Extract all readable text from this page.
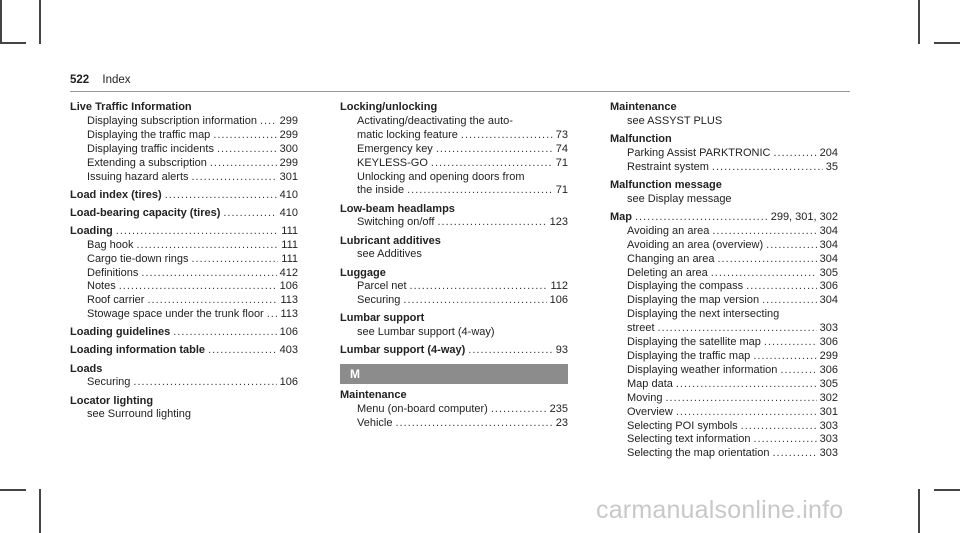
522 Index
Live Traffic Information
Displaying subscription information ..... 299
Displaying the traffic map .....	299
Displaying traffic incidents .....	300
Extending a subscription .....	299
Issuing hazard alerts .....	301
Load index (tires) .....	410
Load-bearing capacity (tires) .....	410
Loading .....	111
Bag hook .....	111
Cargo tie-down rings .....	111
Definitions .....	412
Notes .....	106
Roof carrier .....	113
Stowage space under the trunk floor ..... 113
Loading guidelines .....	106
Loading information table .....	403
Loads
Securing .....	106
Locator lighting
see Surround lighting
Locking/unlocking
Activating/deactivating the auto-
matic locking feature .....	73
Emergency key .....	74
KEYLESS-GO .....	71
Unlocking and opening doors from
the inside .....	71
Low-beam headlamps
Switching on/off .....	123
Lubricant additives
see Additives
Luggage
Parcel net .....	112
Securing .....	106
Lumbar support
see Lumbar support (4-way)
Lumbar support (4-way) .....	93
M
Maintenance
Menu (on-board computer) .....	235
Vehicle .....	23
Maintenance
see ASSYST PLUS
Malfunction
Parking Assist PARKTRONIC .....	204
Restraint system .....	35
Malfunction message
see Display message
Map .....	299, 301, 302
Avoiding an area .....	304
Avoiding an area (overview) .....	304
Changing an area .....	304
Deleting an area .....	305
Displaying the compass .....	306
Displaying the map version .....	304
Displaying the next intersecting
street .....	303
Displaying the satellite map .....	306
Displaying the traffic map .....	299
Displaying weather information .....	306
Map data .....	305
Moving .....	302
Overview .....	301
Selecting POI symbols .....	303
Selecting text information .....	303
Selecting the map orientation .....	303
carmanualsonline.info
